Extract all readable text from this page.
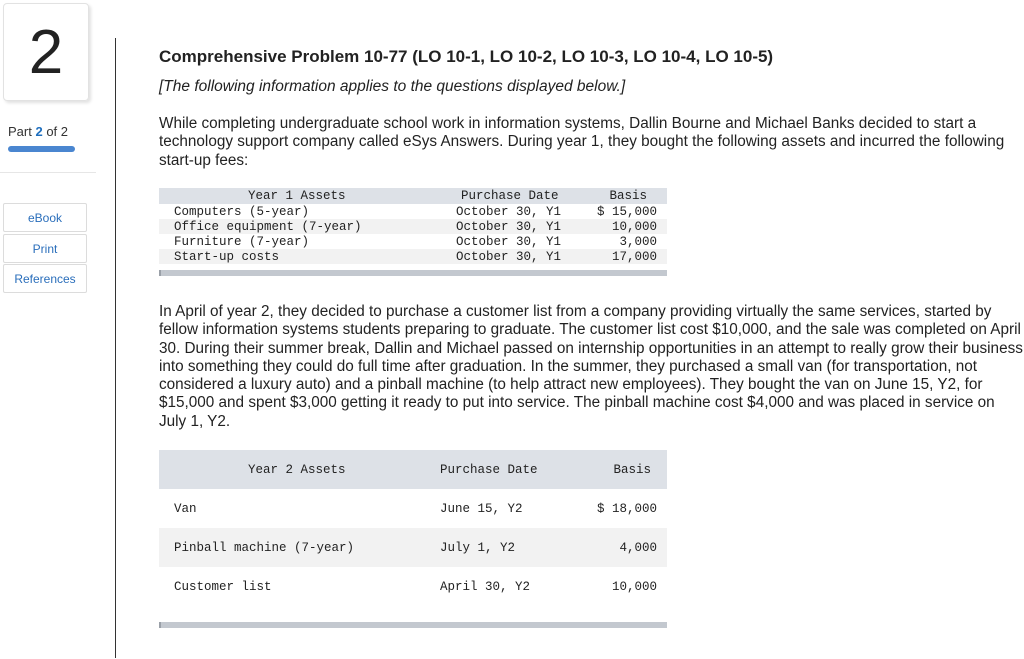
2
Part 2 of 2
eBook
Print
References
Comprehensive Problem 10-77 (LO 10-1, LO 10-2, LO 10-3, LO 10-4, LO 10-5)
[The following information applies to the questions displayed below.]
While completing undergraduate school work in information systems, Dallin Bourne and Michael Banks decided to start a technology support company called eSys Answers. During year 1, they bought the following assets and incurred the following start-up fees:
Year 1 Assets	Purchase Date	Basis
Computers (5-year)	October 30, Y1	$ 15,000
Office equipment (7-year)	October 30, Y1	10,000
Furniture (7-year)	October 30, Y1	3,000
Start-up costs	October 30, Y1	17,000
In April of year 2, they decided to purchase a customer list from a company providing virtually the same services, started by fellow information systems students preparing to graduate. The customer list cost $10,000, and the sale was completed on April 30. During their summer break, Dallin and Michael passed on internship opportunities in an attempt to really grow their business into something they could do full time after graduation. In the summer, they purchased a small van (for transportation, not considered a luxury auto) and a pinball machine (to help attract new employees). They bought the van on June 15, Y2, for $15,000 and spent $3,000 getting it ready to put into service. The pinball machine cost $4,000 and was placed in service on July 1, Y2.
Year 2 Assets	Purchase Date	Basis
Van	June 15, Y2	$ 18,000
Pinball machine (7-year)	July 1, Y2	4,000
Customer list	April 30, Y2	10,000
